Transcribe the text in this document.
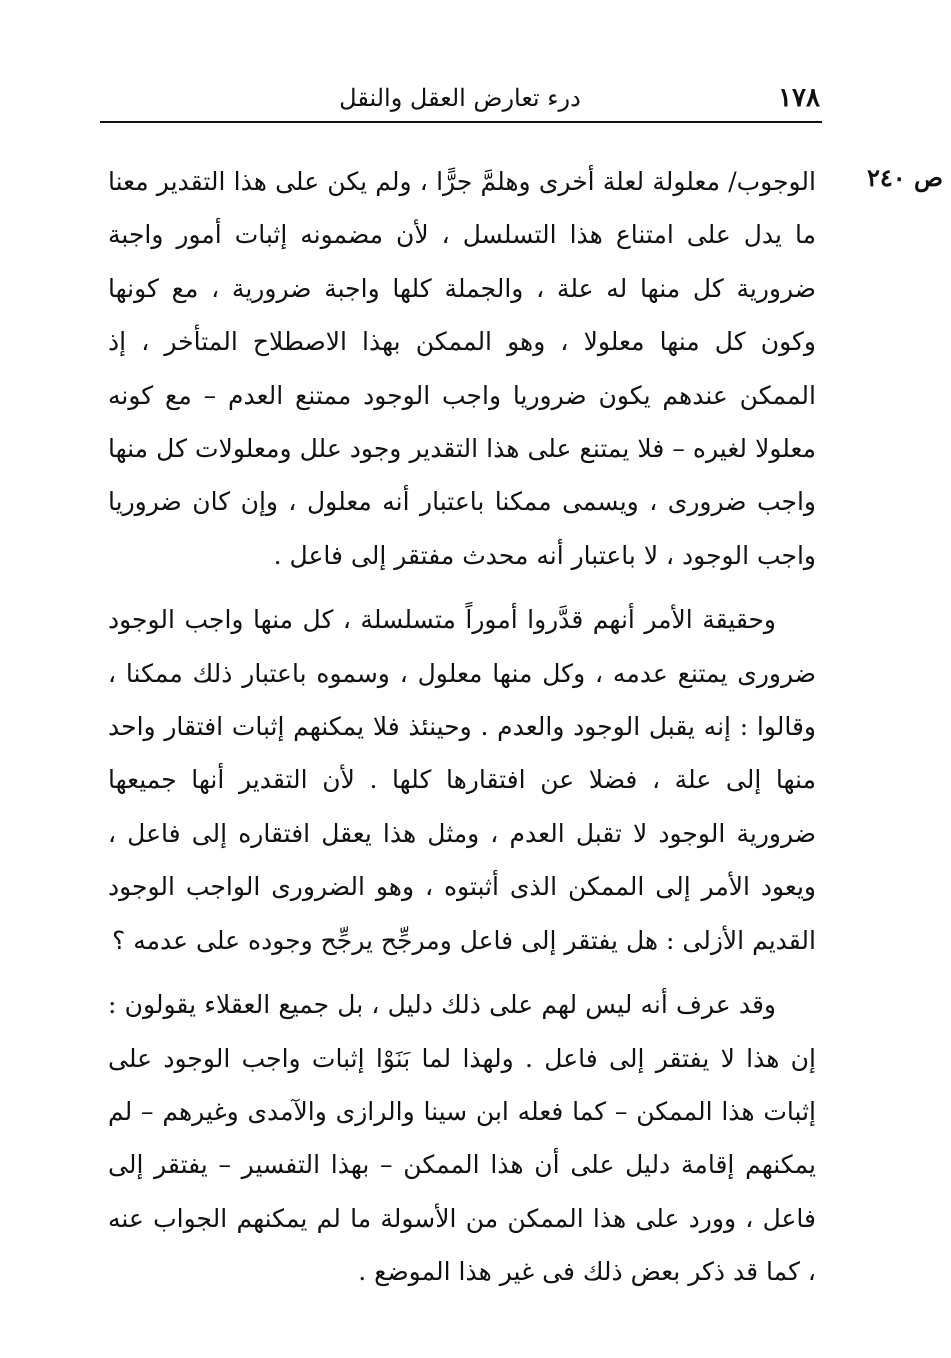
١٧٨
درء تعارض العقل والنقل
ص ٢٤٠

الوجوب/ معلولة لعلة أخرى وهلمَّ جرًّا ، ولم يكن على هذا التقدير معنا ما يدل على امتناع هذا التسلسل ، لأن مضمونه إثبات أمور واجبة ضرورية كل منها له علة ، والجملة كلها واجبة ضرورية ، مع كونها وكون كل منها معلولا ، وهو الممكن بهذا الاصطلاح المتأخر ، إذ الممكن عندهم يكون ضروريا واجب الوجود ممتنع العدم – مع كونه معلولا لغيره – فلا يمتنع على هذا التقدير وجود علل ومعلولات كل منها واجب ضرورى ، ويسمى ممكنا باعتبار أنه معلول ، وإن كان ضروريا واجب الوجود ، لا باعتبار أنه محدث مفتقر إلى فاعل .

وحقيقة الأمر أنهم قدَّروا أموراً متسلسلة ، كل منها واجب الوجود ضرورى يمتنع عدمه ، وكل منها معلول ، وسموه باعتبار ذلك ممكنا ، وقالوا : إنه يقبل الوجود والعدم . وحينئذ فلا يمكنهم إثبات افتقار واحد منها إلى علة ، فضلا عن افتقارها كلها . لأن التقدير أنها جميعها ضرورية الوجود لا تقبل العدم ، ومثل هذا يعقل افتقاره إلى فاعل ، ويعود الأمر إلى الممكن الذى أثبتوه ، وهو الضرورى الواجب الوجود القديم الأزلى : هل يفتقر إلى فاعل ومرجِّح يرجِّح وجوده على عدمه ؟

وقد عرف أنه ليس لهم على ذلك دليل ، بل جميع العقلاء يقولون : إن هذا لا يفتقر إلى فاعل . ولهذا لما بَنَوْا إثبات واجب الوجود على إثبات هذا الممكن – كما فعله ابن سينا والرازى والآمدى وغيرهم – لم يمكنهم إقامة دليل على أن هذا الممكن – بهذا التفسير – يفتقر إلى فاعل ، وورد على هذا الممكن من الأسولة ما لم يمكنهم الجواب عنه ، كما قد ذكر بعض ذلك فى غير هذا الموضع .
